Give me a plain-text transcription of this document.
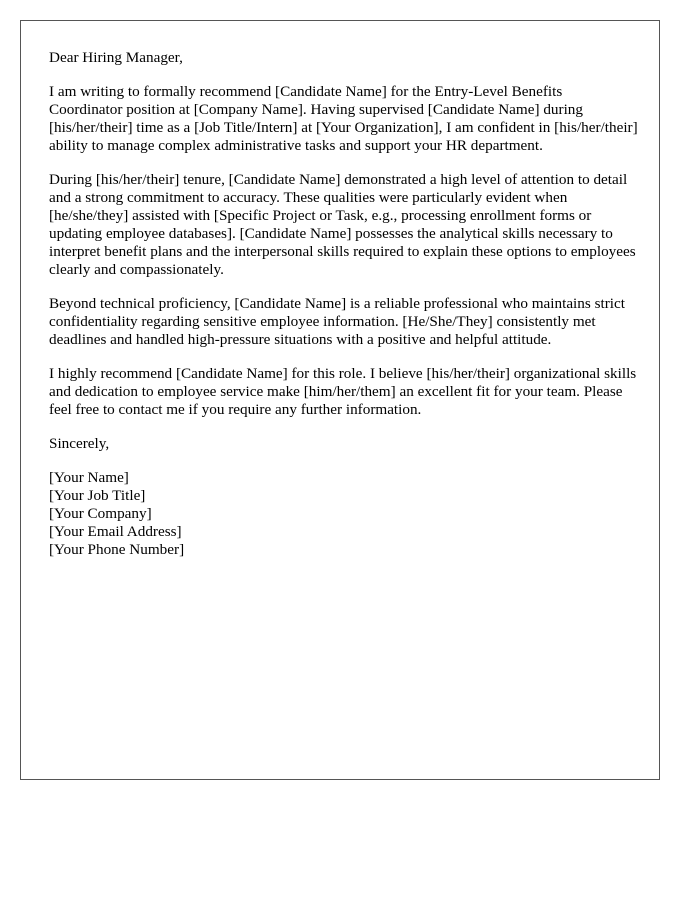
Dear Hiring Manager,

I am writing to formally recommend [Candidate Name] for the Entry-Level Benefits Coordinator position at [Company Name]. Having supervised [Candidate Name] during [his/her/their] time as a [Job Title/Intern] at [Your Organization], I am confident in [his/her/their] ability to manage complex administrative tasks and support your HR department.

During [his/her/their] tenure, [Candidate Name] demonstrated a high level of attention to detail and a strong commitment to accuracy. These qualities were particularly evident when [he/she/they] assisted with [Specific Project or Task, e.g., processing enrollment forms or updating employee databases]. [Candidate Name] possesses the analytical skills necessary to interpret benefit plans and the interpersonal skills required to explain these options to employees clearly and compassionately.

Beyond technical proficiency, [Candidate Name] is a reliable professional who maintains strict confidentiality regarding sensitive employee information. [He/She/They] consistently met deadlines and handled high-pressure situations with a positive and helpful attitude.

I highly recommend [Candidate Name] for this role. I believe [his/her/their] organizational skills and dedication to employee service make [him/her/them] an excellent fit for your team. Please feel free to contact me if you require any further information.

Sincerely,

[Your Name]
[Your Job Title]
[Your Company]
[Your Email Address]
[Your Phone Number]
